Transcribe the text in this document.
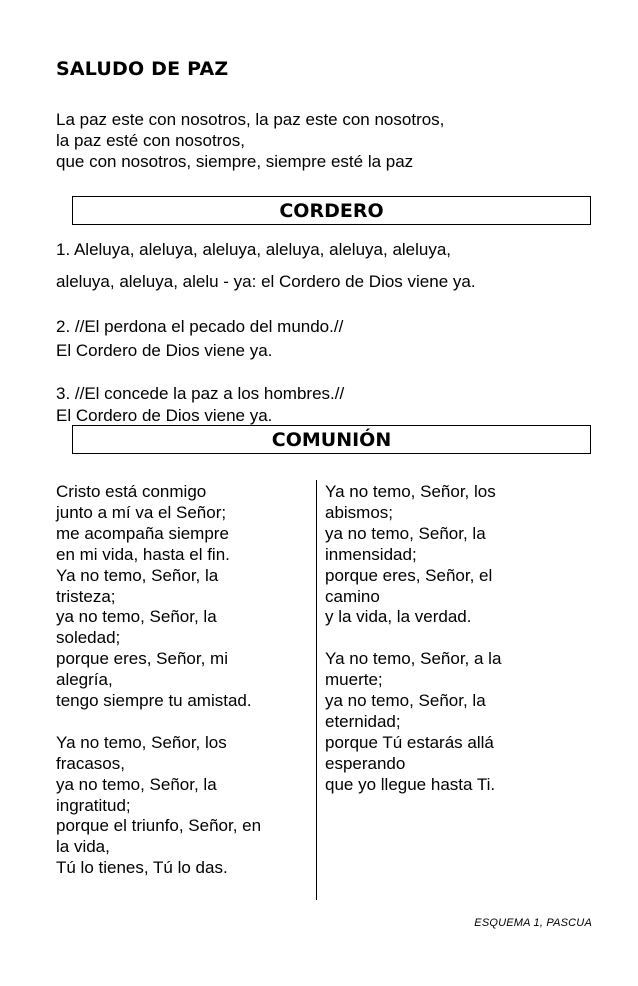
SALUDO DE PAZ
La paz este con nosotros, la paz este con nosotros,
la paz esté con nosotros,
que con nosotros, siempre, siempre esté la paz
CORDERO
1. Aleluya, aleluya, aleluya, aleluya, aleluya, aleluya,
aleluya, aleluya, alelu - ya: el Cordero de Dios viene ya.
2. //El perdona el pecado del mundo.//
El Cordero de Dios viene ya.
3. //El concede la paz a los hombres.//
El Cordero de Dios viene ya.
COMUNIÓN
Cristo está conmigo
junto a mí va el Señor;
me acompaña siempre
en mi vida, hasta el fin.
Ya no temo, Señor, la
tristeza;
ya no temo, Señor, la
soledad;
porque eres, Señor, mi
alegría,
tengo siempre tu amistad.
Ya no temo, Señor, los
fracasos,
ya no temo, Señor, la
ingratitud;
porque el triunfo, Señor, en
la vida,
Tú lo tienes, Tú lo das.
Ya no temo, Señor, los
abismos;
ya no temo, Señor, la
inmensidad;
porque eres, Señor, el
camino
y la vida, la verdad.
Ya no temo, Señor, a la
muerte;
ya no temo, Señor, la
eternidad;
porque Tú estarás allá
esperando
que yo llegue hasta Ti.
ESQUEMA 1, PASCUA
